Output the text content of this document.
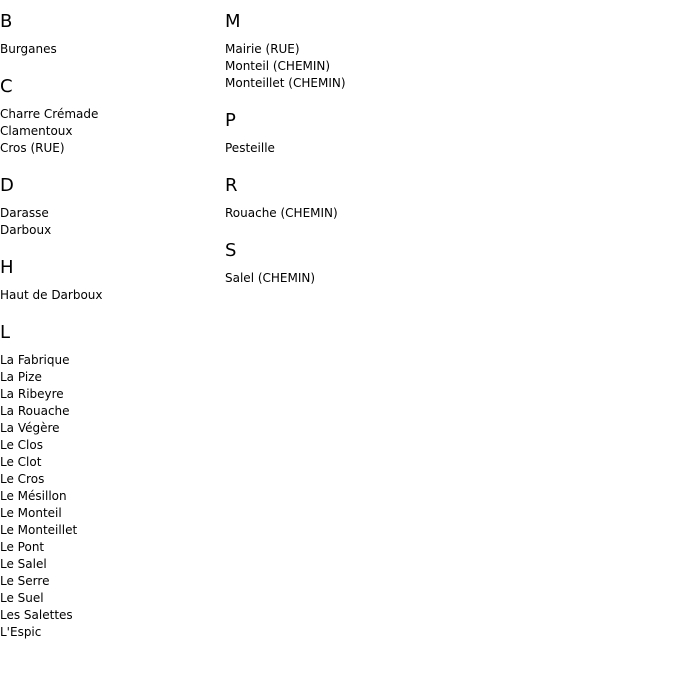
B
Burganes
C
Charre Crémade
Clamentoux
Cros (RUE)
D
Darasse
Darboux
H
Haut de Darboux
L
La Fabrique
La Pize
La Ribeyre
La Rouache
La Végère
Le Clos
Le Clot
Le Cros
Le Mésillon
Le Monteil
Le Monteillet
Le Pont
Le Salel
Le Serre
Le Suel
Les Salettes
L'Espic
M
Mairie (RUE)
Monteil (CHEMIN)
Monteillet (CHEMIN)
P
Pesteille
R
Rouache (CHEMIN)
S
Salel (CHEMIN)
